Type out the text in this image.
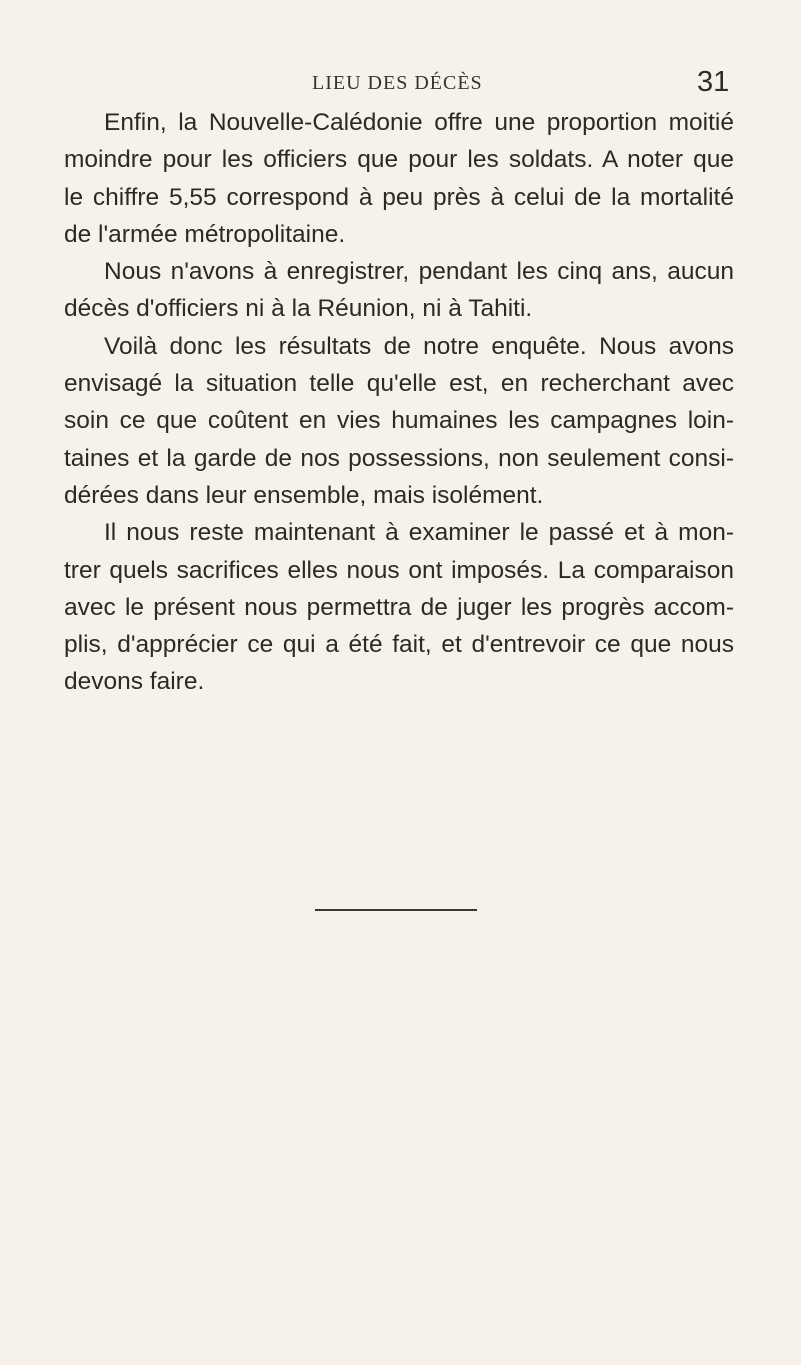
LIEU DES DÉCÈS	31
Enfin, la Nouvelle-Calédonie offre une proportion moitié
moindre pour les officiers que pour les soldats. A noter que
le chiffre 5,55 correspond à peu près à celui de la mortalité
de l'armée métropolitaine.
Nous n'avons à enregistrer, pendant les cinq ans, aucun
décès d'officiers ni à la Réunion, ni à Tahiti.
Voilà donc les résultats de notre enquête. Nous avons
envisagé la situation telle qu'elle est, en recherchant avec
soin ce que coûtent en vies humaines les campagnes loin-
taines et la garde de nos possessions, non seulement consi-
dérées dans leur ensemble, mais isolément.
Il nous reste maintenant à examiner le passé et à mon-
trer quels sacrifices elles nous ont imposés. La comparaison
avec le présent nous permettra de juger les progrès accom-
plis, d'apprécier ce qui a été fait, et d'entrevoir ce que nous
devons faire.
